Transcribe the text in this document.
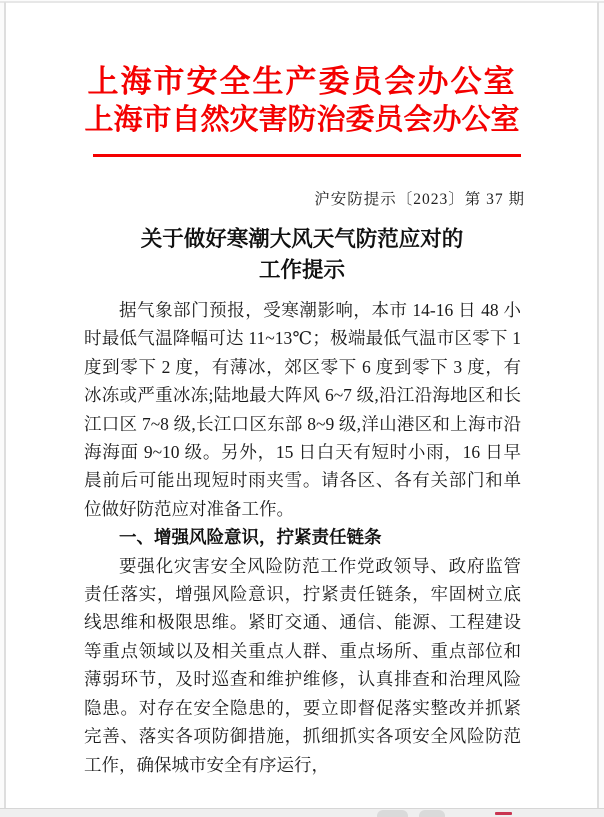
上海市安全生产委员会办公室
上海市自然灾害防治委员会办公室
沪安防提示〔2023〕第 37 期
关于做好寒潮大风天气防范应对的
工作提示

据气象部门预报，受寒潮影响，本市 14-16 日 48 小时最低气温降幅可达 11~13℃；极端最低气温市区零下 1 度到零下 2 度，有薄冰，郊区零下 6 度到零下 3 度，有冰冻或严重冰冻;陆地最大阵风 6~7 级,沿江沿海地区和长江口区 7~8 级,长江口区东部 8~9 级,洋山港区和上海市沿海海面 9~10 级。另外，15 日白天有短时小雨，16 日早晨前后可能出现短时雨夹雪。请各区、各有关部门和单位做好防范应对准备工作。

一、增强风险意识，拧紧责任链条

要强化灾害安全风险防范工作党政领导、政府监管责任落实，增强风险意识，拧紧责任链条，牢固树立底线思维和极限思维。紧盯交通、通信、能源、工程建设等重点领域以及相关重点人群、重点场所、重点部位和薄弱环节，及时巡查和维护维修，认真排查和治理风险隐患。对存在安全隐患的，要立即督促落实整改并抓紧完善、落实各项防御措施，抓细抓实各项安全风险防范工作，确保城市安全有序运行，
